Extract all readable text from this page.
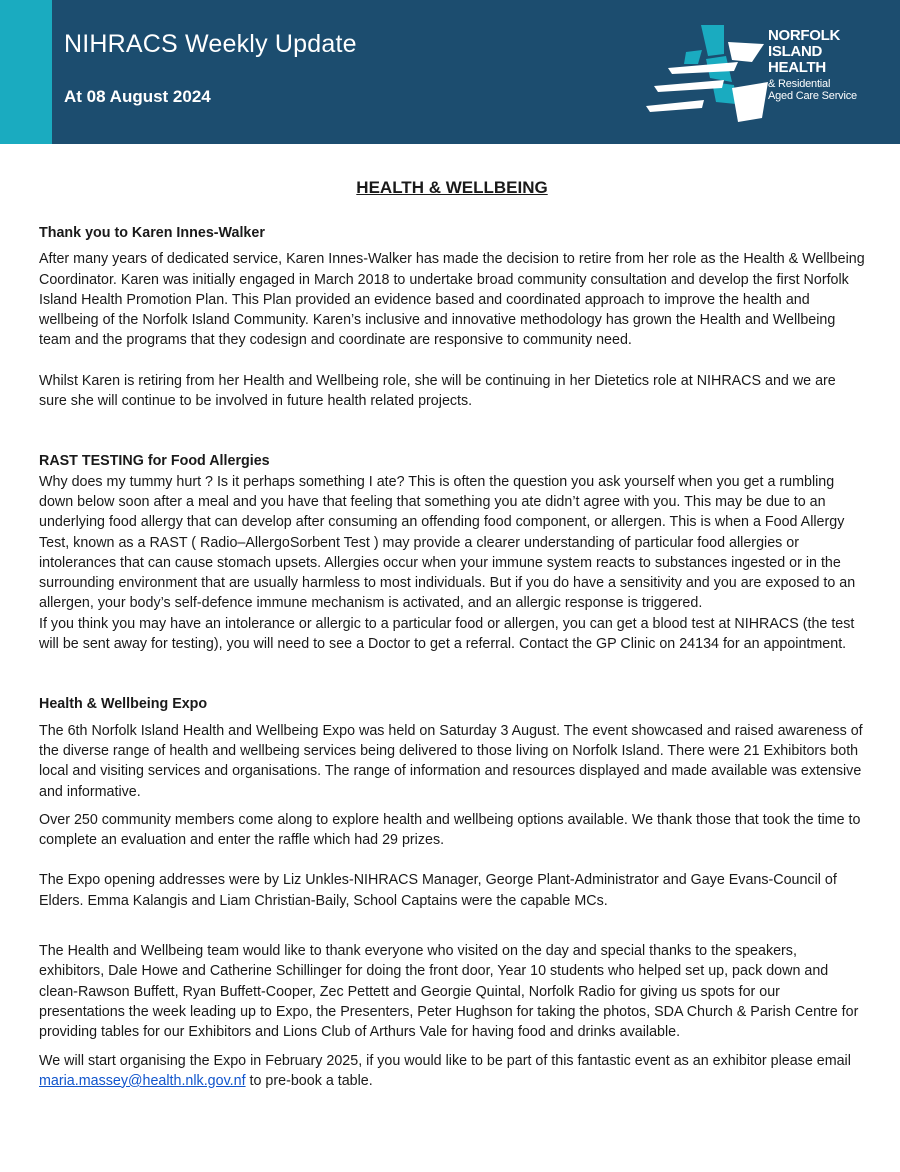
NIHRACS Weekly Update
At 08 August 2024
NORFOLK
ISLAND
HEALTH
& Residential
Aged Care Service
HEALTH & WELLBEING

Thank you to Karen Innes-Walker

After many years of dedicated service, Karen Innes-Walker has made the decision to retire from her role as the Health & Wellbeing Coordinator. Karen was initially engaged in March 2018 to undertake broad community consultation and develop the first Norfolk Island Health Promotion Plan. This Plan provided an evidence based and coordinated approach to improve the health and wellbeing of the Norfolk Island Community. Karen’s inclusive and innovative methodology has grown the Health and Wellbeing team and the programs that they codesign and coordinate are responsive to community need.

Whilst Karen is retiring from her Health and Wellbeing role, she will be continuing in her Dietetics role at NIHRACS and we are sure she will continue to be involved in future health related projects.

RAST TESTING for Food Allergies

Why does my tummy hurt ? Is it perhaps something I ate? This is often the question you ask yourself when you get a rumbling down below soon after a meal and you have that feeling that something you ate didn’t agree with you. This may be due to an underlying food allergy that can develop after consuming an offending food component, or allergen. This is when a Food Allergy Test, known as a RAST ( Radio–AllergoSorbent Test ) may provide a clearer understanding of particular food allergies or intolerances that can cause stomach upsets. Allergies occur when your immune system reacts to substances ingested or in the surrounding environment that are usually harmless to most individuals. But if you do have a sensitivity and you are exposed to an allergen, your body’s self-defence immune mechanism is activated, and an allergic response is triggered.

If you think you may have an intolerance or allergic to a particular food or allergen, you can get a blood test at NIHRACS (the test will be sent away for testing), you will need to see a Doctor to get a referral. Contact the GP Clinic on 24134 for an appointment.

Health & Wellbeing Expo

The 6th Norfolk Island Health and Wellbeing Expo was held on Saturday 3 August. The event showcased and raised awareness of the diverse range of health and wellbeing services being delivered to those living on Norfolk Island. There were 21 Exhibitors both local and visiting services and organisations. The range of information and resources displayed and made available was extensive and informative.

Over 250 community members come along to explore health and wellbeing options available. We thank those that took the time to complete an evaluation and enter the raffle which had 29 prizes.

The Expo opening addresses were by Liz Unkles-NIHRACS Manager, George Plant-Administrator and Gaye Evans-Council of Elders. Emma Kalangis and Liam Christian-Baily, School Captains were the capable MCs.

The Health and Wellbeing team would like to thank everyone who visited on the day and special thanks to the speakers, exhibitors, Dale Howe and Catherine Schillinger for doing the front door, Year 10 students who helped set up, pack down and clean-Rawson Buffett, Ryan Buffett-Cooper, Zec Pettett and Georgie Quintal, Norfolk Radio for giving us spots for our presentations the week leading up to Expo, the Presenters, Peter Hughson for taking the photos, SDA Church & Parish Centre for providing tables for our Exhibitors and Lions Club of Arthurs Vale for having food and drinks available.

We will start organising the Expo in February 2025, if you would like to be part of this fantastic event as an exhibitor please email maria.massey@health.nlk.gov.nf to pre-book a table.
